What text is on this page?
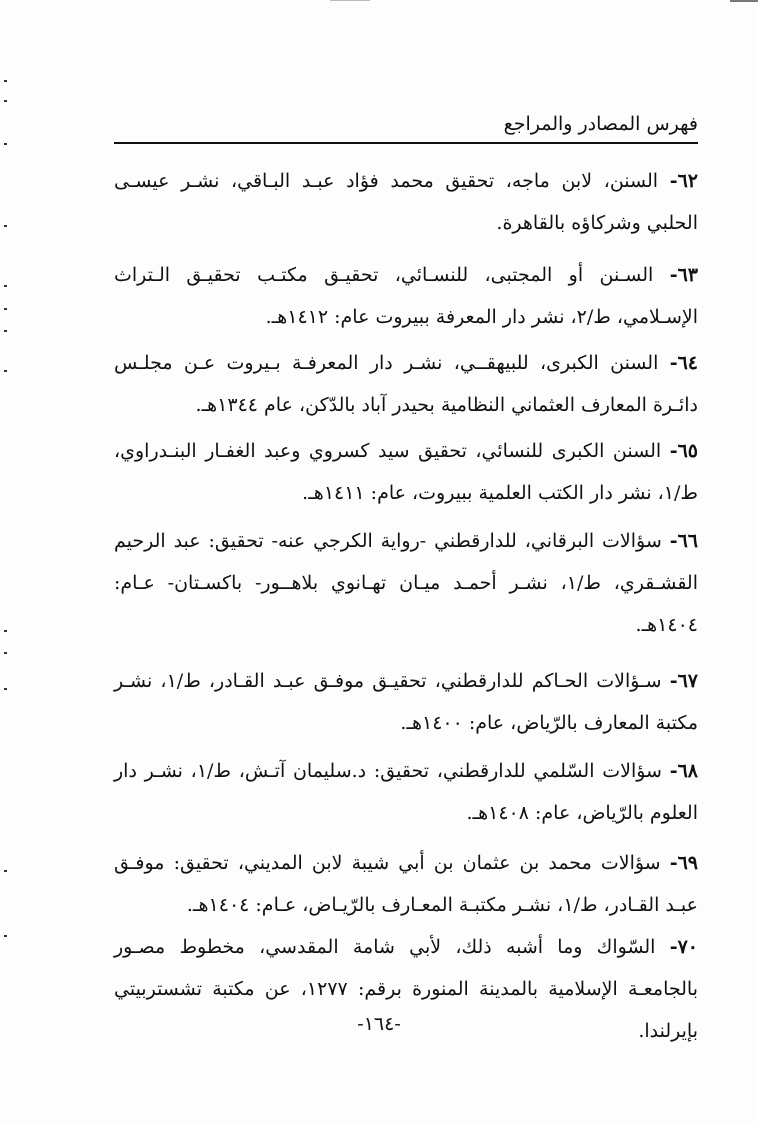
فهرس المصادر والمراجع
٦٢- السنن، لابن ماجه، تحقيق محمد فؤاد عبـد البـاقي، نشـر عيسـى الحلبي وشركاؤه بالقاهرة.
٦٣- السـنن أو المجتبى، للنسـائي، تحقيـق مكتـب تحقيـق الـتراث الإسـلامي، ط/٢، نشر دار المعرفة ببيروت عام: ١٤١٢هـ.
٦٤- السنن الكبرى، للبيهقــي، نشـر دار المعرفـة بـيروت عـن مجلـس دائـرة المعارف العثماني النظامية بحيدر آباد بالدّكن، عام ١٣٤٤هـ.
٦٥- السنن الكبرى للنسائي، تحقيق سيد كسروي وعبد الغفـار البنـدراوي، ط/١، نشر دار الكتب العلمية ببيروت، عام: ١٤١١هـ.
٦٦- سؤالات البرقاني، للدارقطني -رواية الكرجي عنه- تحقيق: عبد الرحيم القشـقري، ط/١، نشـر أحمـد ميـان تهـانوي بلاهــور- باكسـتان- عـام: ١٤٠٤هـ.
٦٧- سـؤالات الحـاكم للدارقطني، تحقيـق موفـق عبـد القـادر، ط/١، نشـر مكتبة المعارف بالرّياض، عام: ١٤٠٠هـ.
٦٨- سؤالات السّلمي للدارقطني، تحقيق: د.سليمان آتـش، ط/١، نشـر دار العلوم بالرّياض، عام: ١٤٠٨هـ.
٦٩- سؤالات محمد بن عثمان بن أبي شيبة لابن المديني، تحقيق: موفـق عبـد القـادر، ط/١، نشـر مكتبـة المعـارف بالرّيـاض، عـام: ١٤٠٤هـ.
٧٠- السّواك وما أشبه ذلك، لأبي شامة المقدسي، مخطوط مصـور بالجامعـة الإسلامية بالمدينة المنورة برقم: ١٢٧٧، عن مكتبة تشستربيتي بإيرلندا.
-١٦٤-
